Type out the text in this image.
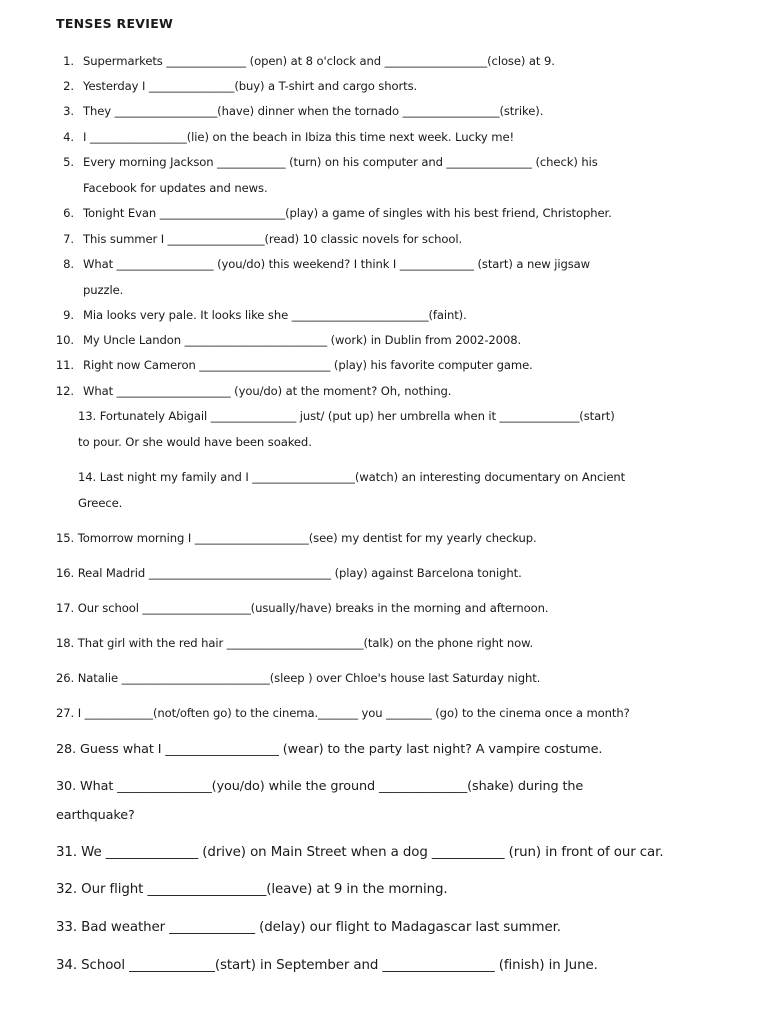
TENSES REVIEW
1. Supermarkets ______________ (open) at 8 o'clock and __________________(close) at 9.
2. Yesterday I _______________(buy) a T-shirt and cargo shorts.
3. They __________________(have) dinner when the tornado _________________(strike).
4. I _________________(lie) on the beach in Ibiza this time next week. Lucky me!
5. Every morning Jackson ____________ (turn) on his computer and _______________ (check) his
Facebook for updates and news.
6. Tonight Evan ______________________(play) a game of singles with his best friend, Christopher.
7. This summer I _________________(read) 10 classic novels for school.
8. What _________________ (you/do) this weekend? I think I _____________ (start) a new jigsaw
puzzle.
9. Mia looks very pale. It looks like she ________________________(faint).
10. My Uncle Landon _________________________ (work) in Dublin from 2002-2008.
11. Right now Cameron _______________________ (play) his favorite computer game.
12. What ____________________ (you/do) at the moment? Oh, nothing.
13. Fortunately Abigail _______________ just/ (put up) her umbrella when it ______________(start)
to pour. Or she would have been soaked.
14. Last night my family and I __________________(watch) an interesting documentary on Ancient
Greece.
15. Tomorrow morning I ____________________(see) my dentist for my yearly checkup.
16. Real Madrid ________________________________ (play) against Barcelona tonight.
17. Our school ___________________(usually/have) breaks in the morning and afternoon.
18. That girl with the red hair ________________________(talk) on the phone right now.
26. Natalie __________________________(sleep ) over Chloe's house last Saturday night.
27. I ____________(not/often go) to the cinema._______ you ________ (go) to the cinema once a month?
28. Guess what I __________________ (wear) to the party last night? A vampire costume.
30. What _______________(you/do) while the ground ______________(shake) during the
earthquake?
31. We ______________ (drive) on Main Street when a dog ___________ (run) in front of our car.
32. Our flight __________________(leave) at 9 in the morning.
33. Bad weather _____________ (delay) our flight to Madagascar last summer.
34. School _____________(start) in September and _________________ (finish) in June.
